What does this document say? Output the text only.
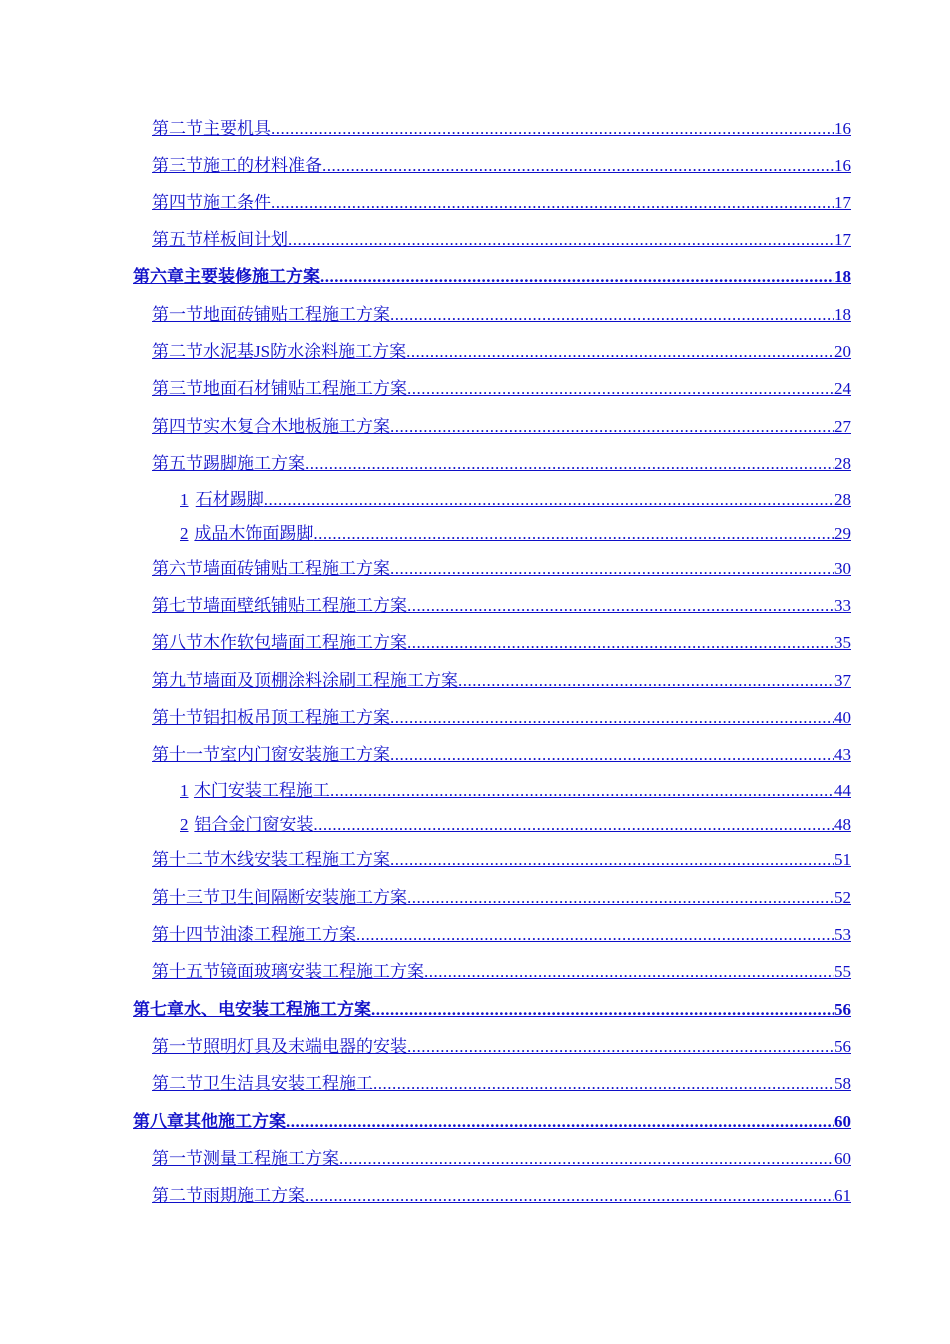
第二节 主要机具 .....	16
第三节 施工的材料准备 .....	16
第四节 施工条件 .....	17
第五节 样板间计划 .....	17
第六章 主要装修施工方案 .....	18
第一节 地面砖铺贴工程施工方案 .....	18
第二节 水泥基JS防水涂料施工方案 .....	20
第三节 地面石材铺贴工程施工方案 .....	24
第四节 实木复合木地板施工方案 .....	27
第五节 踢脚施工方案 .....	28
1 石材踢脚 .....	28
2 成品木饰面踢脚 .....	29
第六节 墙面砖铺贴工程施工方案 .....	30
第七节 墙面壁纸铺贴工程施工方案 .....	33
第八节 木作软包墙面工程施工方案 .....	35
第九节 墙面及顶棚涂料涂刷工程施工方案 .....	37
第十节 铝扣板吊顶工程施工方案 .....	40
第十一节 室内门窗安装施工方案 .....	43
1 木门安装工程施工 .....	44
2 铝合金门窗安装 .....	48
第十二节 木线安装工程施工方案 .....	51
第十三节 卫生间隔断安装施工方案 .....	52
第十四节 油漆工程施工方案 .....	53
第十五节 镜面玻璃安装工程施工方案 .....	55
第七章 水、电安装工程施工方案 .....	56
第一节 照明灯具及末端电器的安装 .....	56
第二节 卫生洁具安装工程施工 .....	58
第八章 其他施工方案 .....	60
第一节 测量工程施工方案 .....	60
第二节 雨期施工方案 .....	61
